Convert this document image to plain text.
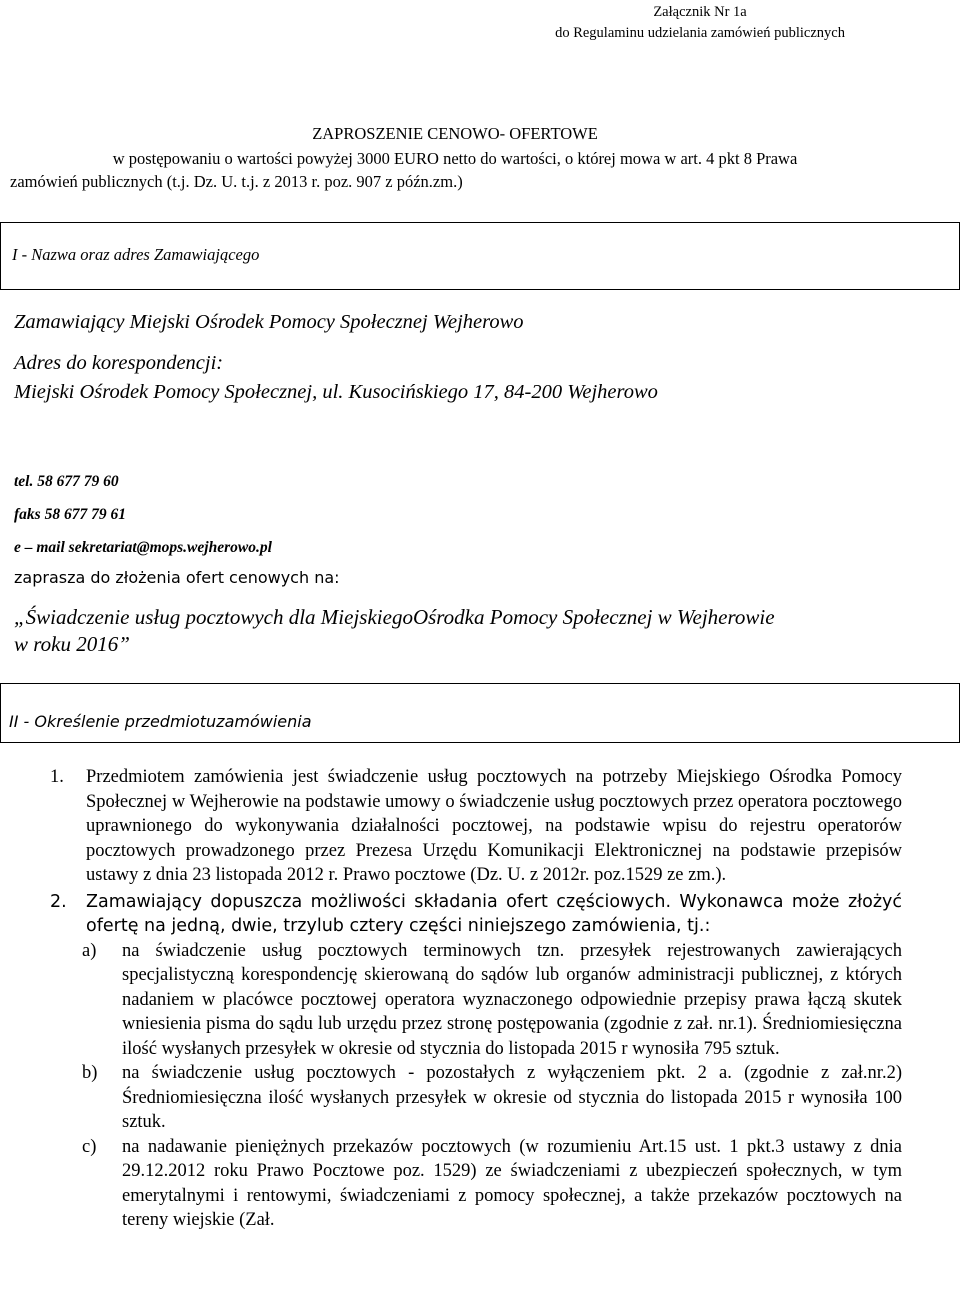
Załącznik Nr 1a
do Regulaminu udzielania zamówień publicznych
ZAPROSZENIE CENOWO- OFERTOWE
w postępowaniu o wartości powyżej 3000 EURO netto do wartości, o której mowa w art. 4 pkt 8 Prawa
zamówień publicznych (t.j. Dz. U. t.j. z 2013 r. poz. 907 z późn.zm.)
I - Nazwa oraz adres Zamawiającego

Zamawiający Miejski Ośrodek Pomocy Społecznej Wejherowo

Adres do korespondencji:

Miejski Ośrodek Pomocy Społecznej, ul. Kusocińskiego 17, 84-200 Wejherowo

tel. 58 677 79 60
faks 58 677 79 61
e – mail sekretariat@mops.wejherowo.pl
zaprasza do złożenia ofert cenowych na:
„Świadczenie usług pocztowych dla MiejskiegoOśrodka Pomocy Społecznej w Wejherowie
w roku 2016”
II - Określenie przedmiotuzamówienia
1. Przedmiotem zamówienia jest świadczenie usług pocztowych na potrzeby Miejskiego Ośrodka Pomocy Społecznej w Wejherowie na podstawie umowy o świadczenie usług pocztowych przez operatora pocztowego uprawnionego do wykonywania działalności pocztowej, na podstawie wpisu do rejestru operatorów pocztowych prowadzonego przez Prezesa Urzędu Komunikacji Elektronicznej na podstawie przepisów ustawy z dnia 23 listopada 2012 r. Prawo pocztowe (Dz. U. z 2012r. poz.1529 ze zm.).
2. Zamawiający dopuszcza możliwości składania ofert częściowych. Wykonawca może złożyć ofertę na jedną, dwie, trzylub cztery części niniejszego zamówienia, tj.:
a) na świadczenie usług pocztowych terminowych tzn. przesyłek rejestrowanych zawierających specjalistyczną korespondencję skierowaną do sądów lub organów administracji publicznej, z których nadaniem w placówce pocztowej operatora wyznaczonego odpowiednie przepisy prawa łączą skutek wniesienia pisma do sądu lub urzędu przez stronę postępowania (zgodnie z zał. nr.1). Średniomiesięczna ilość wysłanych przesyłek w okresie od stycznia do listopada 2015 r wynosiła 795 sztuk.
b) na świadczenie usług pocztowych - pozostałych z wyłączeniem pkt. 2 a. (zgodnie z zał.nr.2) Średniomiesięczna ilość wysłanych przesyłek w okresie od stycznia do listopada 2015 r wynosiła 100 sztuk.
c) na nadawanie pieniężnych przekazów pocztowych (w rozumieniu Art.15 ust. 1 pkt.3 ustawy z dnia 29.12.2012 roku Prawo Pocztowe poz. 1529) ze świadczeniami z ubezpieczeń społecznych, w tym emerytalnymi i rentowymi, świadczeniami z pomocy społecznej, a także przekazów pocztowych na tereny wiejskie (Zał.
